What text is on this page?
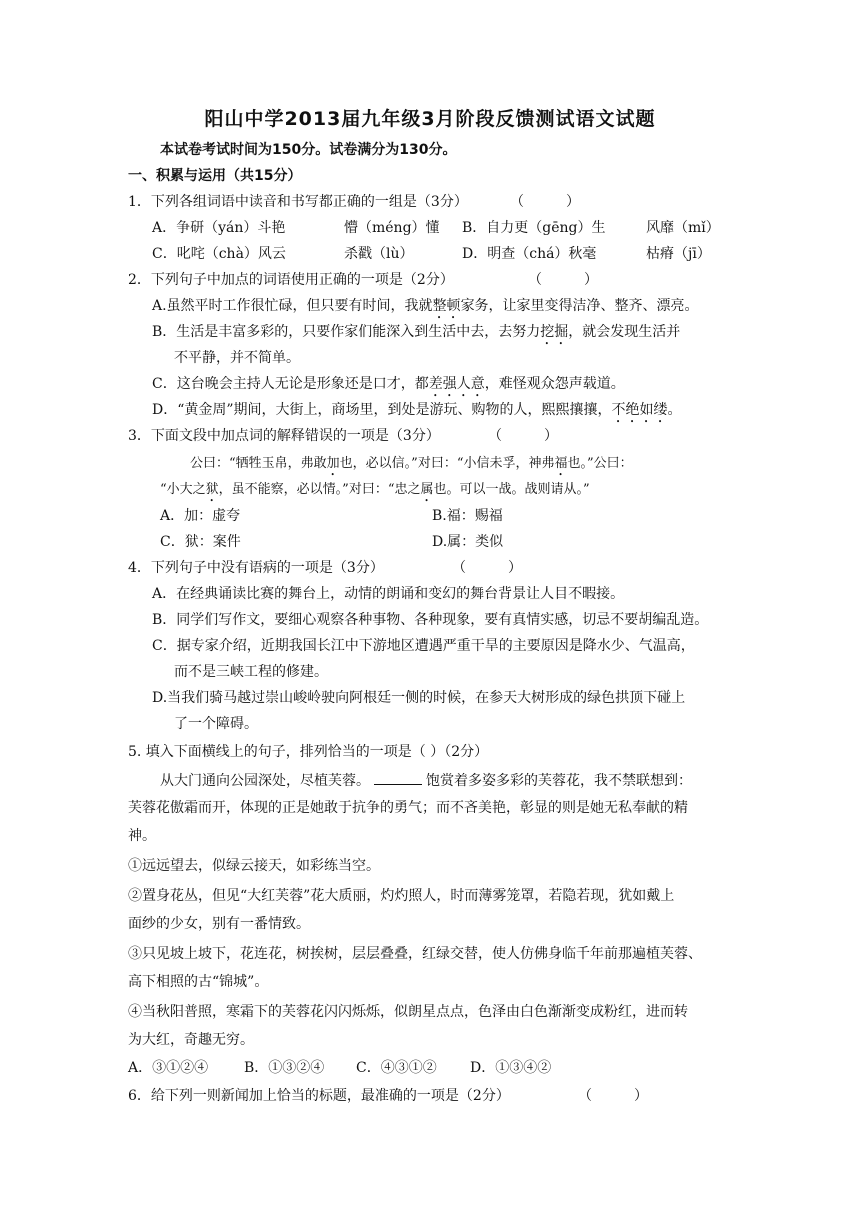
阳山中学2013届九年级3月阶段反馈测试语文试题
本试卷考试时间为150分。试卷满分为130分。
一、积累与运用（共15分）
1．下列各组词语中读音和书写都正确的一组是（3分）	（　　　）
A．争研（yán）斗艳	懵（méng）懂 B．自力更（gēng）生	风靡（mǐ）
C．叱咤（chà）风云	杀戳（lù）	D．明查（chá）秋毫	枯瘠（jī）
2．下列句子中加点的词语使用正确的一项是（2分）	（　　　）
A.虽然平时工作很忙碌，但只要有时间，我就整顿家务，让家里变得洁净、整齐、漂亮。
B．生活是丰富多彩的，只要作家们能深入到生活中去，去努力挖掘，就会发现生活并
不平静，并不简单。
C．这台晚会主持人无论是形象还是口才，都差强人意，难怪观众怨声载道。
D．“黄金周”期间，大街上，商场里，到处是游玩、购物的人，熙熙攘攘，不绝如缕。
3．下面文段中加点词的解释错误的一项是（3分）	（　　　）
公曰：“牺牲玉帛，弗敢加也，必以信。”对曰：“小信未孚，神弗福也。”公曰：
“小大之狱，虽不能察，必以情。”对曰：“忠之属也。可以一战。战则请从。”
A．加：虚夸	B.福：赐福
C．狱：案件	D.属：类似
4．下列句子中没有语病的一项是（3分）	（　　　）
A．在经典诵读比赛的舞台上，动情的朗诵和变幻的舞台背景让人目不暇接。
B．同学们写作文，要细心观察各种事物、各种现象，要有真情实感，切忌不要胡编乱造。
C．据专家介绍，近期我国长江中下游地区遭遇严重干旱的主要原因是降水少、气温高，
而不是三峡工程的修建。
D.当我们骑马越过崇山峻岭驶向阿根廷一侧的时候，在参天大树形成的绿色拱顶下碰上
了一个障碍。
5. 填入下面横线上的句子，排列恰当的一项是（ ）（2分）
从大门通向公园深处，尽植芙蓉。	饱赏着多姿多彩的芙蓉花，我不禁联想到：
芙蓉花傲霜而开，体现的正是她敢于抗争的勇气；而不吝美艳，彰显的则是她无私奉献的精
神。
①远远望去，似绿云接天，如彩练当空。
②置身花丛，但见“大红芙蓉”花大质丽，灼灼照人，时而薄雾笼罩，若隐若现，犹如戴上
面纱的少女，别有一番情致。
③只见坡上坡下，花连花，树挨树，层层叠叠，红绿交替，使人仿佛身临千年前那遍植芙蓉、
高下相照的古“锦城”。
④当秋阳普照，寒霜下的芙蓉花闪闪烁烁，似朗星点点，色泽由白色渐渐变成粉红，进而转
为大红，奇趣无穷。
A．③①②④	B．①③②④ C．④③①② D．①③④②
6．给下列一则新闻加上恰当的标题，最准确的一项是（2分）	（　　　）
